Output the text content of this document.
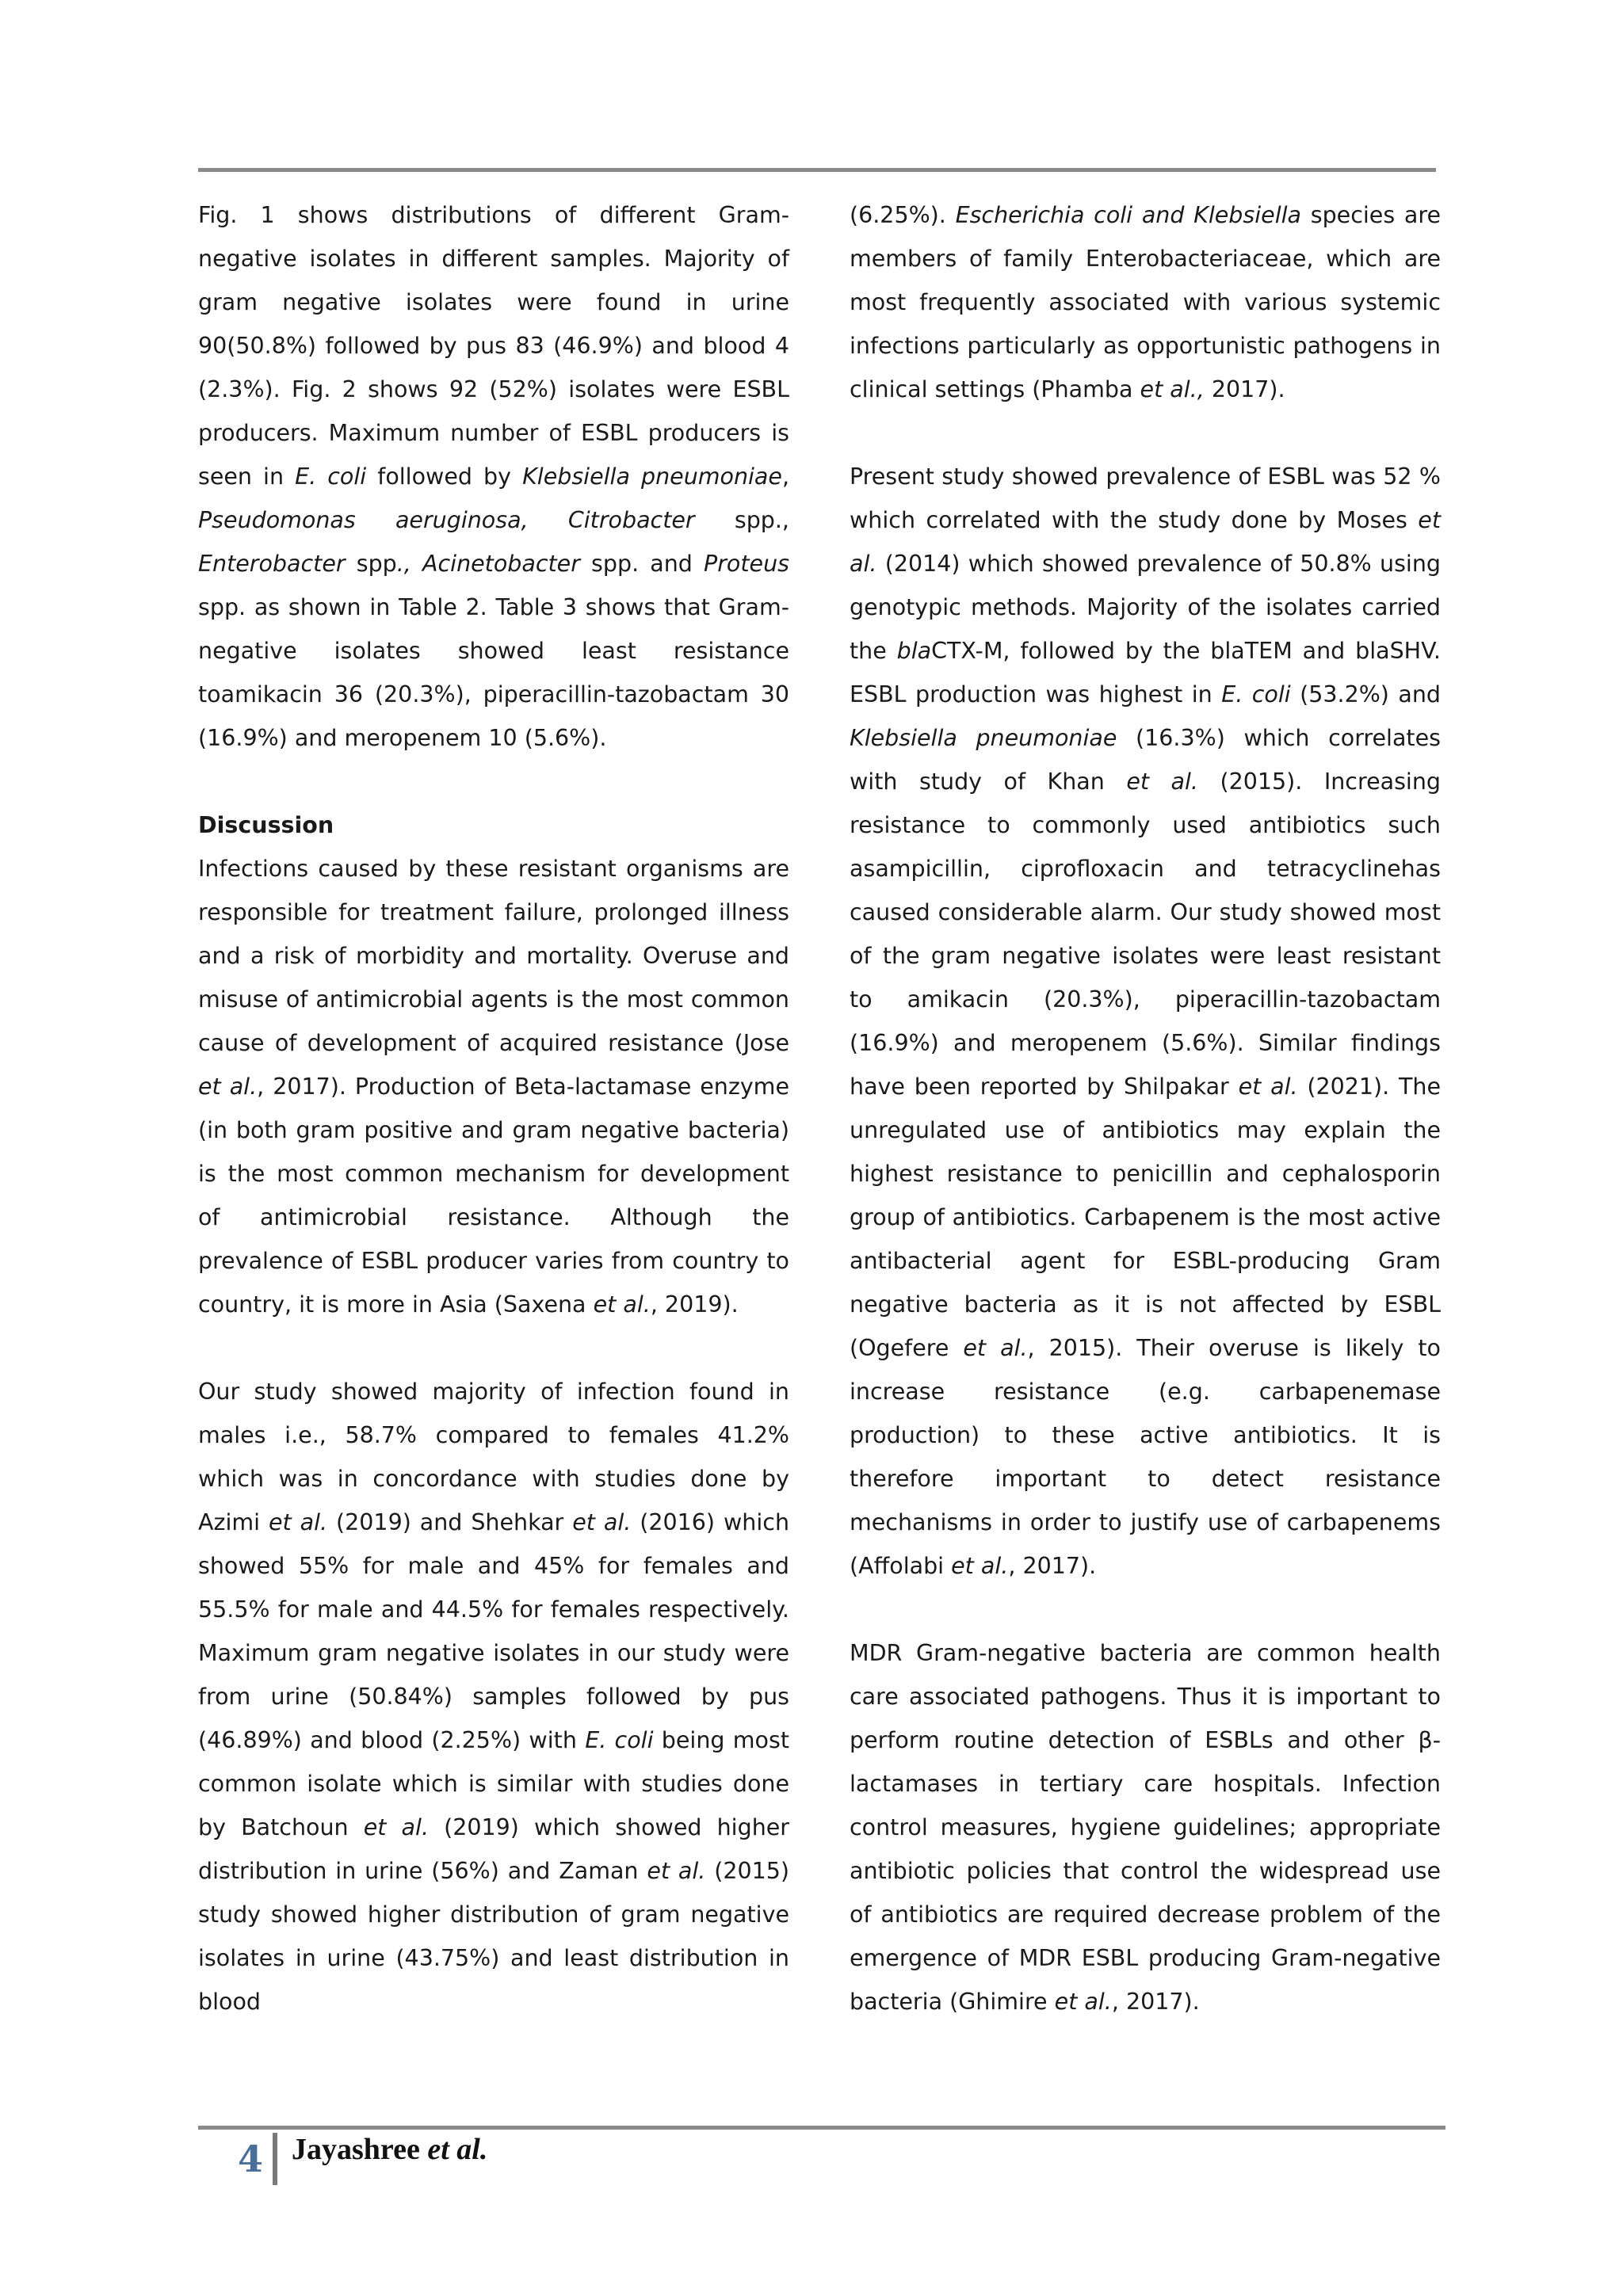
Fig. 1 shows distributions of different Gram-negative isolates in different samples. Majority of gram negative isolates were found in urine 90(50.8%) followed by pus 83 (46.9%) and blood 4 (2.3%). Fig. 2 shows 92 (52%) isolates were ESBL producers. Maximum number of ESBL producers is seen in E. coli followed by Klebsiella pneumoniae, Pseudomonas aeruginosa, Citrobacter spp., Enterobacter spp., Acinetobacter spp. and Proteus spp. as shown in Table 2. Table 3 shows that Gram-negative isolates showed least resistance toamikacin 36 (20.3%), piperacillin-tazobactam 30 (16.9%) and meropenem 10 (5.6%).

Discussion

Infections caused by these resistant organisms are responsible for treatment failure, prolonged illness and a risk of morbidity and mortality. Overuse and misuse of antimicrobial agents is the most common cause of development of acquired resistance (Jose et al., 2017). Production of Beta-lactamase enzyme (in both gram positive and gram negative bacteria) is the most common mechanism for development of antimicrobial resistance. Although the prevalence of ESBL producer varies from country to country, it is more in Asia (Saxena et al., 2019).

Our study showed majority of infection found in males i.e., 58.7% compared to females 41.2% which was in concordance with studies done by Azimi et al. (2019) and Shehkar et al. (2016) which showed 55% for male and 45% for females and 55.5% for male and 44.5% for females respectively. Maximum gram negative isolates in our study were from urine (50.84%) samples followed by pus (46.89%) and blood (2.25%) with E. coli being most common isolate which is similar with studies done by Batchoun et al. (2019) which showed higher distribution in urine (56%) and Zaman et al. (2015) study showed higher distribution of gram negative isolates in urine (43.75%) and least distribution in blood

(6.25%). Escherichia coli and Klebsiella species are members of family Enterobacteriaceae, which are most frequently associated with various systemic infections particularly as opportunistic pathogens in clinical settings (Phamba et al., 2017).

Present study showed prevalence of ESBL was 52 % which correlated with the study done by Moses et al. (2014) which showed prevalence of 50.8% using genotypic methods. Majority of the isolates carried the blaCTX-M, followed by the blaTEM and blaSHV. ESBL production was highest in E. coli (53.2%) and Klebsiella pneumoniae (16.3%) which correlates with study of Khan et al. (2015). Increasing resistance to commonly used antibiotics such asampicillin, ciprofloxacin and tetracyclinehas caused considerable alarm. Our study showed most of the gram negative isolates were least resistant to amikacin (20.3%), piperacillin-tazobactam (16.9%) and meropenem (5.6%). Similar findings have been reported by Shilpakar et al. (2021). The unregulated use of antibiotics may explain the highest resistance to penicillin and cephalosporin group of antibiotics. Carbapenem is the most active antibacterial agent for ESBL-producing Gram negative bacteria as it is not affected by ESBL (Ogefere et al., 2015). Their overuse is likely to increase resistance (e.g. carbapenemase production) to these active antibiotics. It is therefore important to detect resistance mechanisms in order to justify use of carbapenems (Affolabi et al., 2017).

MDR Gram-negative bacteria are common health care associated pathogens. Thus it is important to perform routine detection of ESBLs and other β-lactamases in tertiary care hospitals. Infection control measures, hygiene guidelines; appropriate antibiotic policies that control the widespread use of antibiotics are required decrease problem of the emergence of MDR ESBL producing Gram-negative bacteria (Ghimire et al., 2017).

4 Jayashree et al.
